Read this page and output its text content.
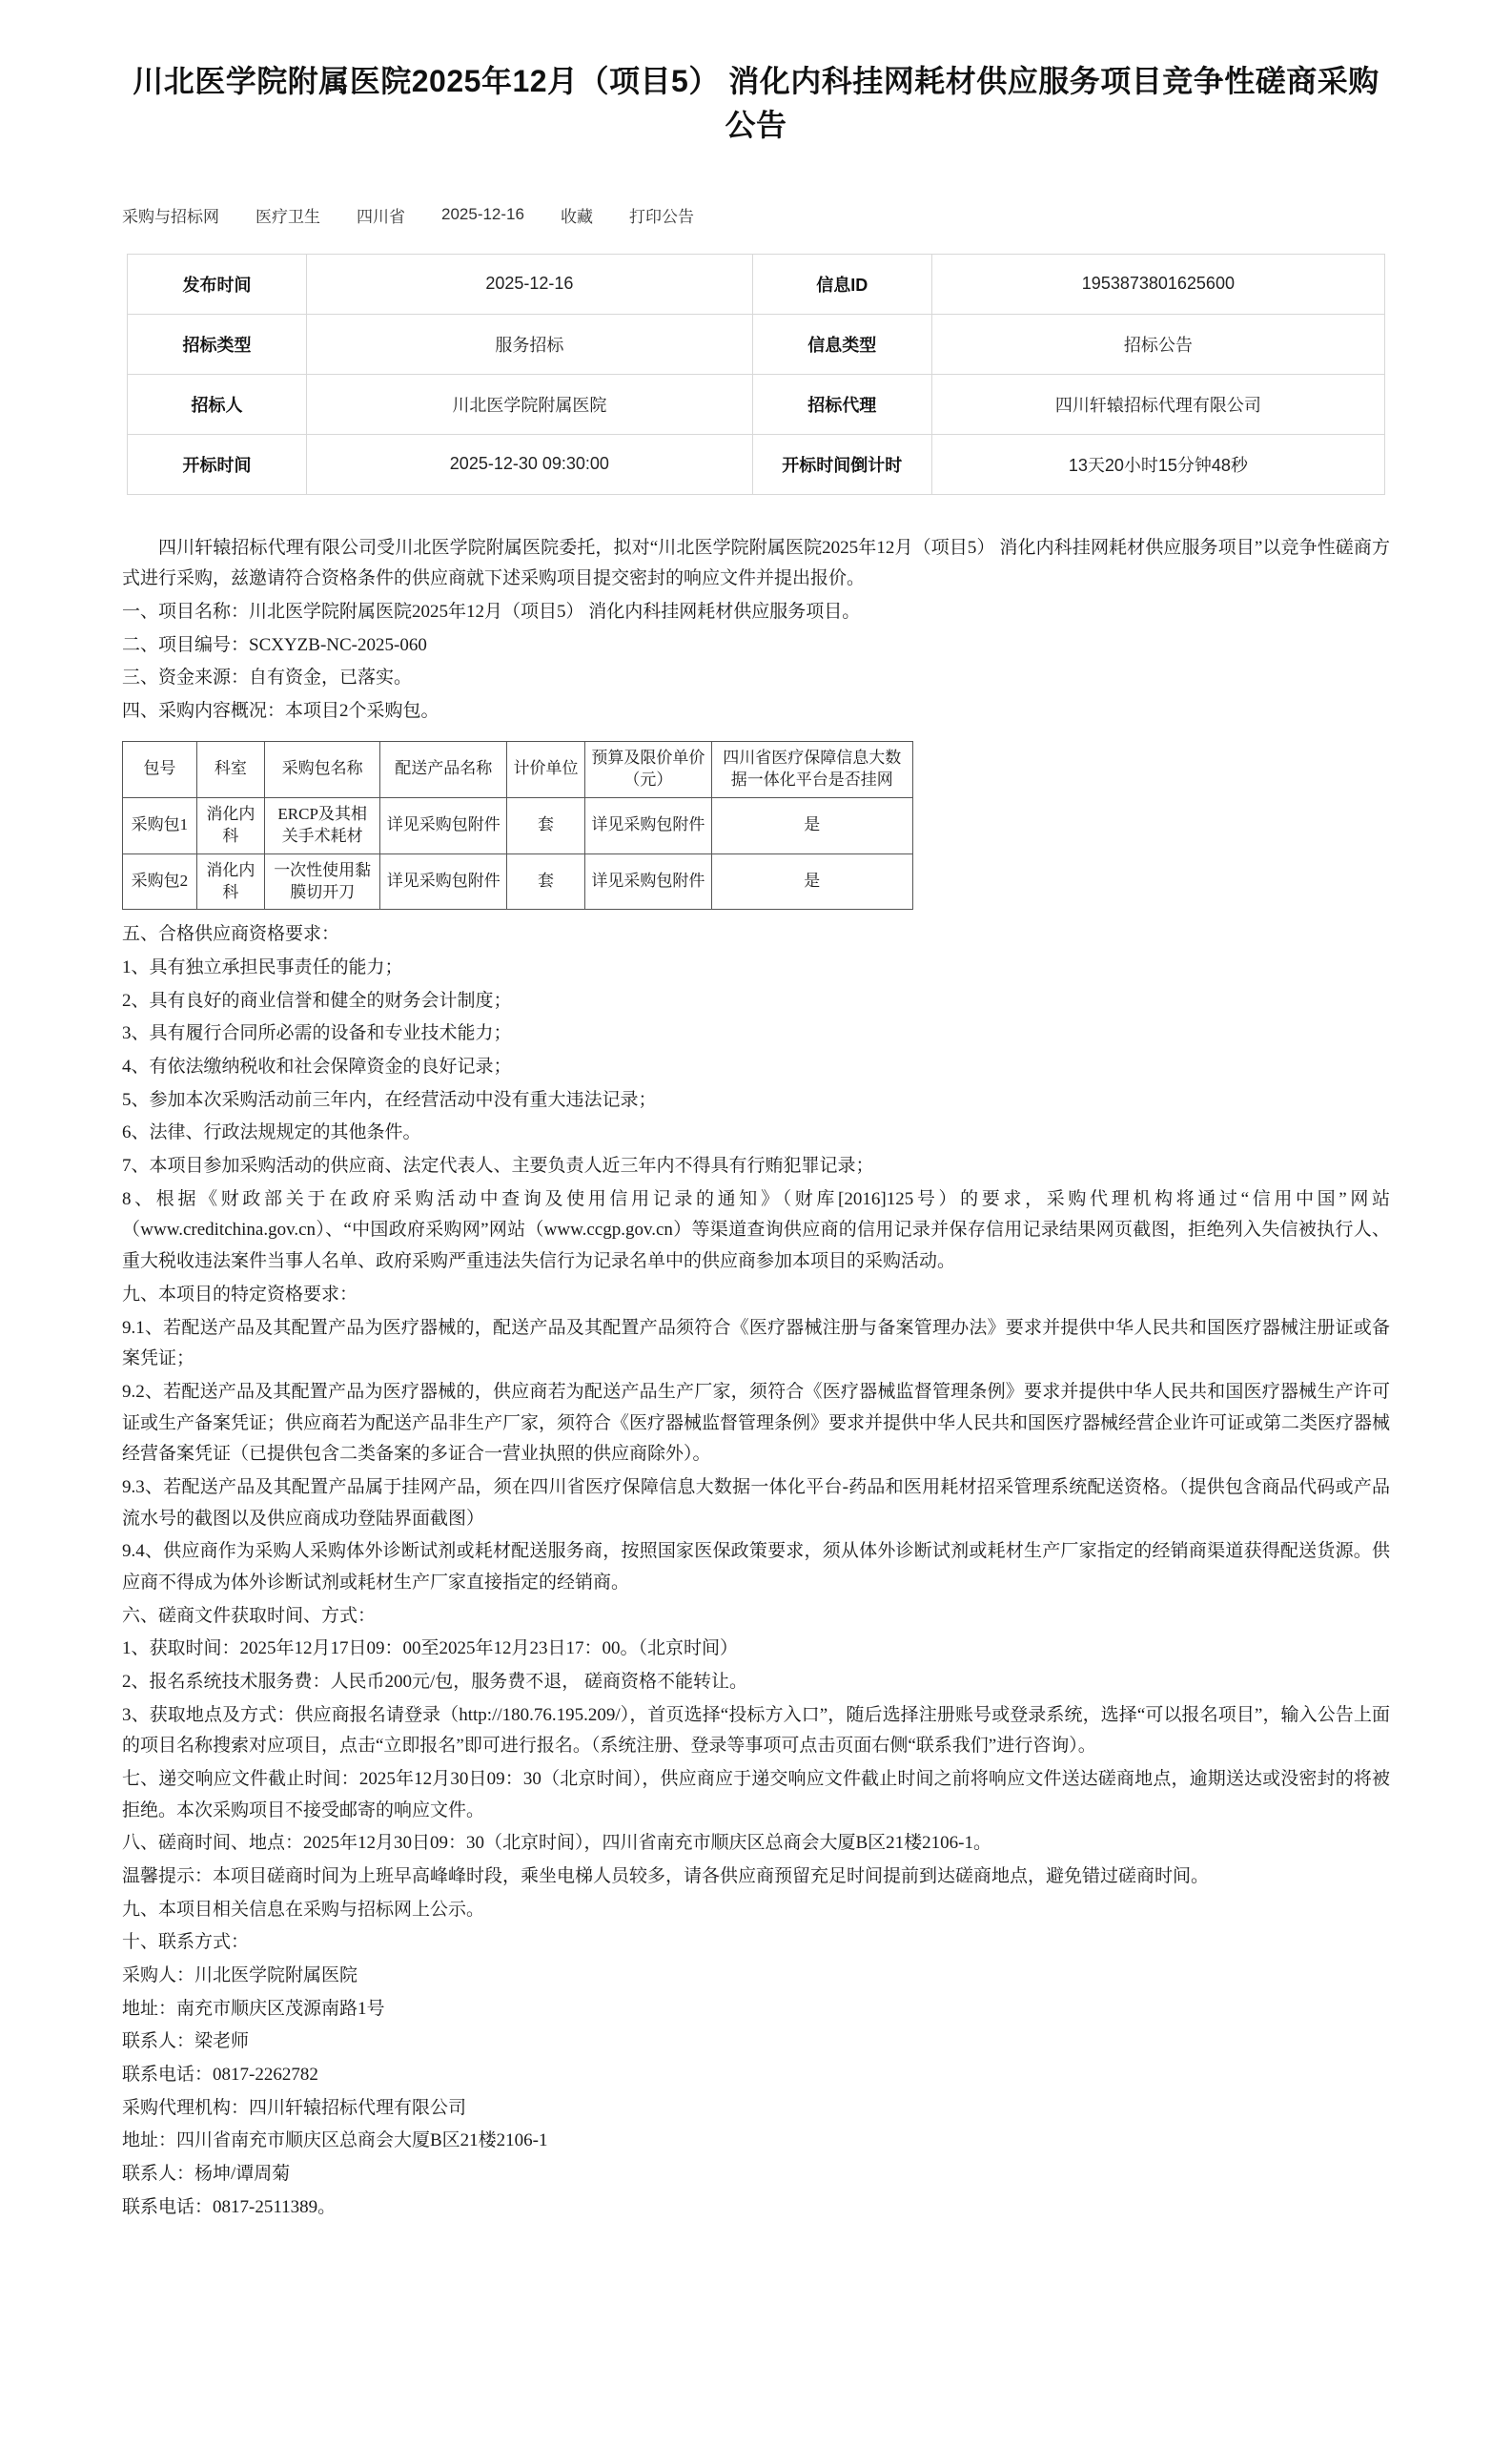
川北医学院附属医院2025年12月（项目5） 消化内科挂网耗材供应服务项目竞争性磋商采购公告
采购与招标网 医疗卫生 四川省 2025-12-16 收藏 打印公告
发布时间	2025-12-16	信息ID	1953873801625600
招标类型	服务招标	信息类型	招标公告
招标人	川北医学院附属医院	招标代理	四川轩辕招标代理有限公司
开标时间	2025-12-30 09:30:00	开标时间倒计时	13天20小时15分钟48秒

四川轩辕招标代理有限公司受川北医学院附属医院委托，拟对“川北医学院附属医院2025年12月（项目5） 消化内科挂网耗材供应服务项目”以竞争性磋商方式进行采购，兹邀请符合资格条件的供应商就下述采购项目提交密封的响应文件并提出报价。

一、项目名称：川北医学院附属医院2025年12月（项目5） 消化内科挂网耗材供应服务项目。

二、项目编号：SCXYZB-NC-2025-060

三、资金来源：自有资金，已落实。

四、采购内容概况：本项目2个采购包。

包号	科室	采购包名称	配送产品名称	计价单位	预算及限价单价（元）	四川省医疗保障信息大数据一体化平台是否挂网
采购包1	消化内科	ERCP及其相关手术耗材	详见采购包附件	套	详见采购包附件	是
采购包2	消化内科	一次性使用黏膜切开刀	详见采购包附件	套	详见采购包附件	是

五、合格供应商资格要求：

1、具有独立承担民事责任的能力；

2、具有良好的商业信誉和健全的财务会计制度；

3、具有履行合同所必需的设备和专业技术能力；

4、有依法缴纳税收和社会保障资金的良好记录；

5、参加本次采购活动前三年内，在经营活动中没有重大违法记录；

6、法律、行政法规规定的其他条件。

7、本项目参加采购活动的供应商、法定代表人、主要负责人近三年内不得具有行贿犯罪记录；

8、根据《财政部关于在政府采购活动中查询及使用信用记录的通知》（财库[2016]125号）的要求，采购代理机构将通过“信用中国”网站（www.creditchina.gov.cn）、“中国政府采购网”网站（www.ccgp.gov.cn）等渠道查询供应商的信用记录并保存信用记录结果网页截图，拒绝列入失信被执行人、重大税收违法案件当事人名单、政府采购严重违法失信行为记录名单中的供应商参加本项目的采购活动。

九、本项目的特定资格要求：

9.1、若配送产品及其配置产品为医疗器械的，配送产品及其配置产品须符合《医疗器械注册与备案管理办法》要求并提供中华人民共和国医疗器械注册证或备案凭证；

9.2、若配送产品及其配置产品为医疗器械的，供应商若为配送产品生产厂家，须符合《医疗器械监督管理条例》要求并提供中华人民共和国医疗器械生产许可证或生产备案凭证；供应商若为配送产品非生产厂家，须符合《医疗器械监督管理条例》要求并提供中华人民共和国医疗器械经营企业许可证或第二类医疗器械经营备案凭证（已提供包含二类备案的多证合一营业执照的供应商除外）。

9.3、若配送产品及其配置产品属于挂网产品，须在四川省医疗保障信息大数据一体化平台-药品和医用耗材招采管理系统配送资格。（提供包含商品代码或产品流水号的截图以及供应商成功登陆界面截图）

9.4、供应商作为采购人采购体外诊断试剂或耗材配送服务商，按照国家医保政策要求，须从体外诊断试剂或耗材生产厂家指定的经销商渠道获得配送货源。供应商不得成为体外诊断试剂或耗材生产厂家直接指定的经销商。

六、磋商文件获取时间、方式：

1、获取时间：2025年12月17日09：00至2025年12月23日17：00。（北京时间）

2、报名系统技术服务费：人民币200元/包，服务费不退， 磋商资格不能转让。

3、获取地点及方式：供应商报名请登录（http://180.76.195.209/），首页选择“投标方入口”，随后选择注册账号或登录系统，选择“可以报名项目”，输入公告上面的项目名称搜索对应项目，点击“立即报名”即可进行报名。（系统注册、登录等事项可点击页面右侧“联系我们”进行咨询）。

七、递交响应文件截止时间：2025年12月30日09：30（北京时间），供应商应于递交响应文件截止时间之前将响应文件送达磋商地点，逾期送达或没密封的将被拒绝。本次采购项目不接受邮寄的响应文件。

八、磋商时间、地点：2025年12月30日09：30（北京时间），四川省南充市顺庆区总商会大厦B区21楼2106-1。

温馨提示：本项目磋商时间为上班早高峰峰时段，乘坐电梯人员较多，请各供应商预留充足时间提前到达磋商地点，避免错过磋商时间。

九、本项目相关信息在采购与招标网上公示。

十、联系方式：

采购人：川北医学院附属医院

地址：南充市顺庆区茂源南路1号

联系人：梁老师

联系电话：0817-2262782

采购代理机构：四川轩辕招标代理有限公司

地址：四川省南充市顺庆区总商会大厦B区21楼2106-1

联系人：杨坤/谭周菊

联系电话：0817-2511389。
